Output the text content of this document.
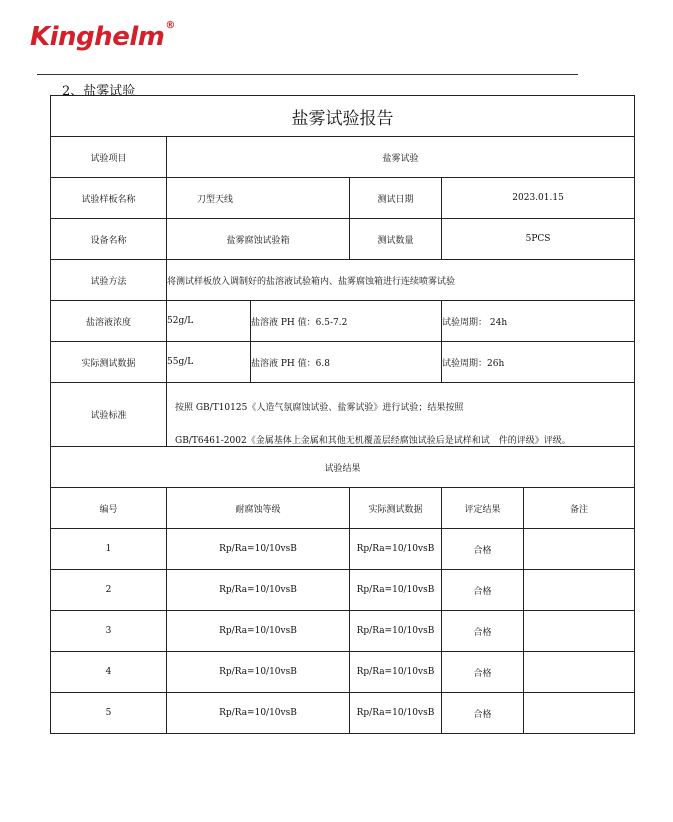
Kinghelm®
2、盐雾试验
盐雾试验报告					
试验项目	盐雾试验				
试验样板名称	刀型天线		测试日期	2023.01.15	
设备名称	盐雾腐蚀试验箱		测试数量	5PCS	
试验方法	将测试样板放入调制好的盐溶液试验箱内、盐雾腐蚀箱进行连续喷雾试验				
盐溶液浓度	52g/L	盐溶液 PH 值：6.5-7.2		试验周期： 24h	
实际测试数据	55g/L	盐溶液 PH 值：6.8		试验周期：26h	
试验标准	按照 GB/T10125《人造气氛腐蚀试验、盐雾试验》进行试验；结果按照
GB/T6461-2002《金属基体上金属和其他无机覆盖层经腐蚀试验后是试样和试　件的评级》评级。				

试验结果					
编号	耐腐蚀等级		实际测试数据	评定结果	备注
1	Rp/Ra=10/10vsB		Rp/Ra=10/10vsB	合格	
2	Rp/Ra=10/10vsB		Rp/Ra=10/10vsB	合格	
3	Rp/Ra=10/10vsB		Rp/Ra=10/10vsB	合格	
4	Rp/Ra=10/10vsB		Rp/Ra=10/10vsB	合格	
5	Rp/Ra=10/10vsB		Rp/Ra=10/10vsB	合格	
